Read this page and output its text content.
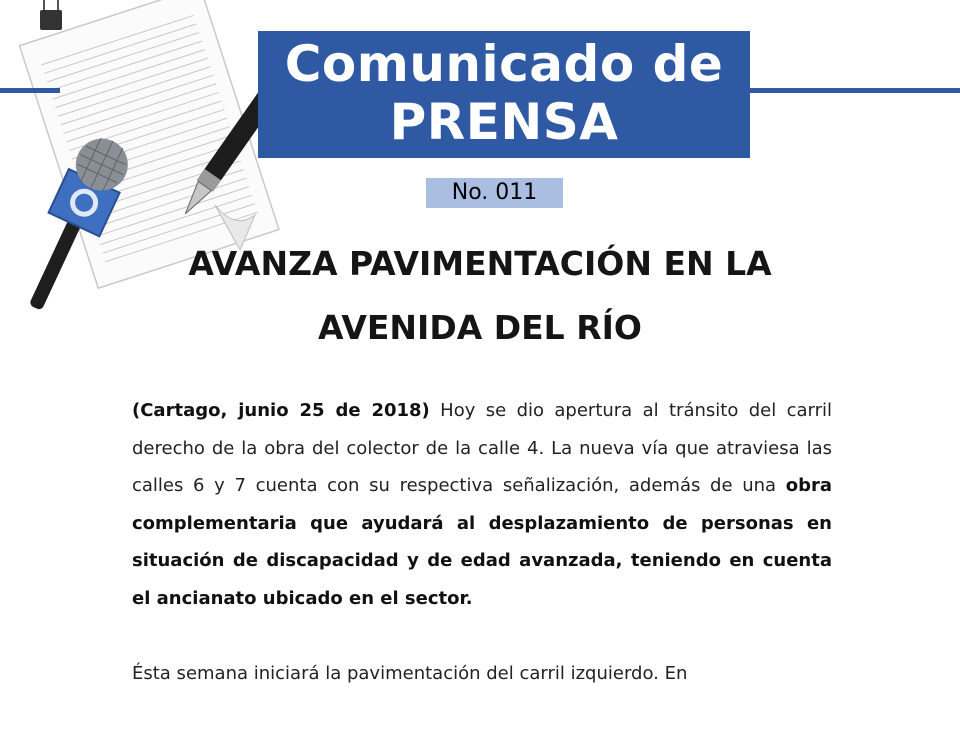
Comunicado de
PRENSA
No. 011
AVANZA PAVIMENTACIÓN EN LA
AVENIDA DEL RÍO

(Cartago, junio 25 de 2018) Hoy se dio apertura al tránsito del carril derecho de la obra del colector de la calle 4. La nueva vía que atraviesa las calles 6 y 7 cuenta con su respectiva señalización, además de una obra complementaria que ayudará al desplazamiento de personas en situación de discapacidad y de edad avanzada, teniendo en cuenta el ancianato ubicado en el sector.

Ésta semana iniciará la pavimentación del carril izquierdo. En
